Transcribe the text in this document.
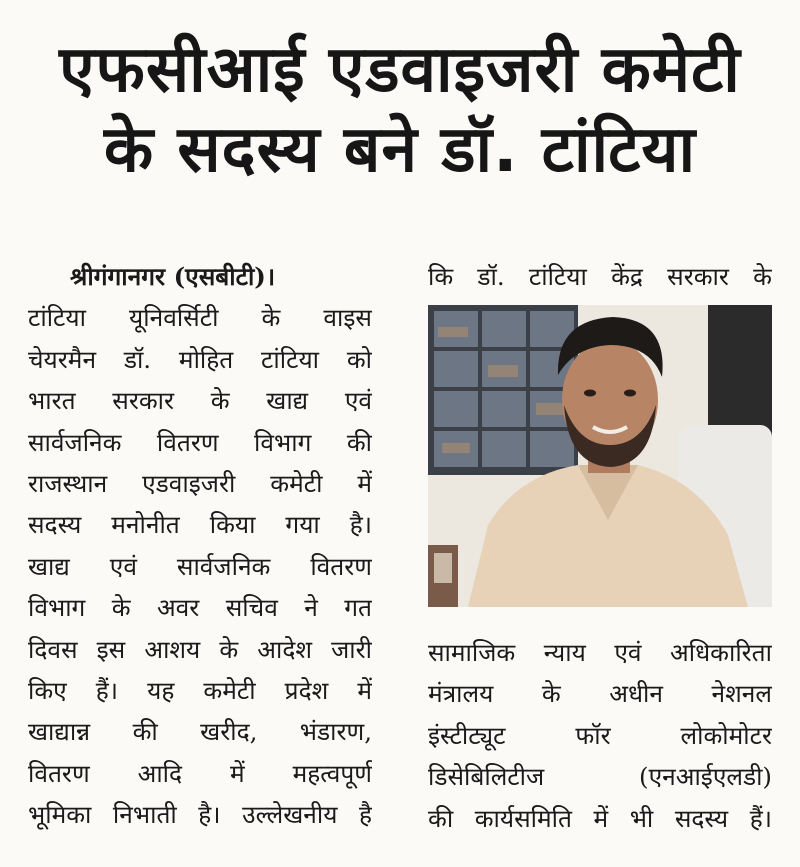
एफसीआई एडवाइजरी कमेटी
के सदस्य बने डॉ. टांटिया
श्रीगंगानगर (एसबीटी)।
टांटिया यूनिवर्सिटी के वाइस
चेयरमैन डॉ. मोहित टांटिया को
भारत सरकार के खाद्य एवं
सार्वजनिक वितरण विभाग की
राजस्थान एडवाइजरी कमेटी में
सदस्य मनोनीत किया गया है।
खाद्य एवं सार्वजनिक वितरण
विभाग के अवर सचिव ने गत
दिवस इस आशय के आदेश जारी
किए हैं। यह कमेटी प्रदेश में
खाद्यान्न की खरीद, भंडारण,
वितरण आदि में महत्वपूर्ण
भूमिका निभाती है। उल्लेखनीय है
कि डॉ. टांटिया केंद्र सरकार के
सामाजिक न्याय एवं अधिकारिता
मंत्रालय के अधीन नेशनल
इंस्टीट्यूट फॉर लोकोमोटर
डिसेबिलिटीज (एनआईएलडी)
की कार्यसमिति में भी सदस्य हैं।
